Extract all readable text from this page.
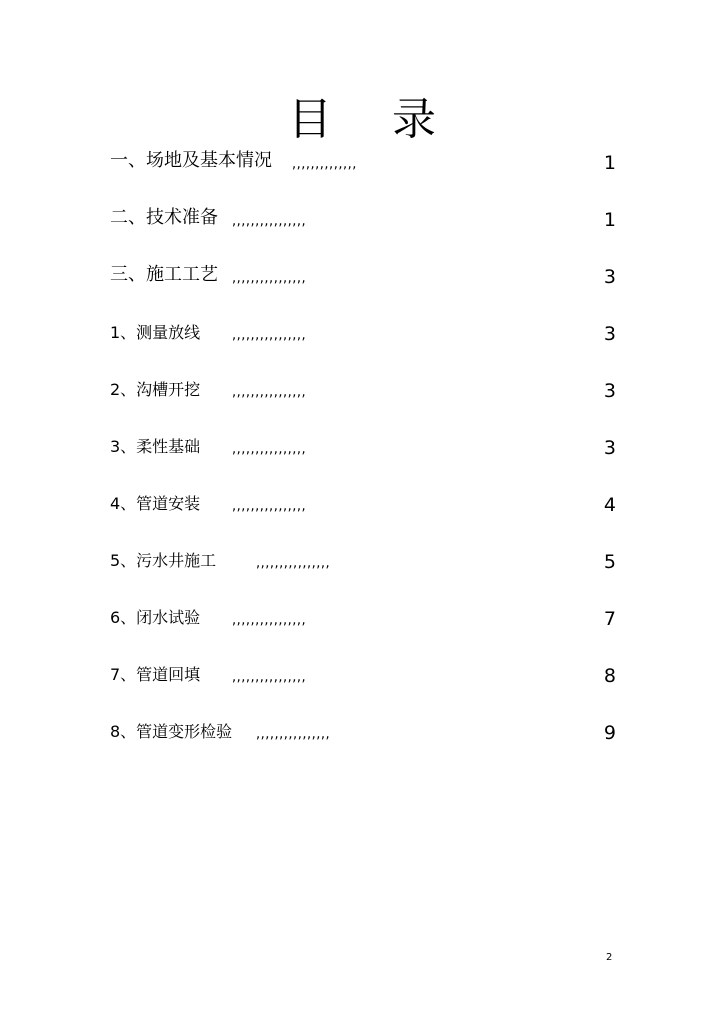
目 录
一、场地及基本情况 ,,,,,,,,,,,,,,	1
二、技术准备 ,,,,,,,,,,,,,,,,	1
三、施工工艺 ,,,,,,,,,,,,,,,,	3
1、测量放线 ,,,,,,,,,,,,,,,,	3
2、沟槽开挖 ,,,,,,,,,,,,,,,,	3
3、柔性基础 ,,,,,,,,,,,,,,,,	3
4、管道安装 ,,,,,,,,,,,,,,,,	4
5、污水井施工	,,,,,,,,,,,,,,,,	5
6、闭水试验 ,,,,,,,,,,,,,,,,	7
7、管道回填 ,,,,,,,,,,,,,,,,	8
8、管道变形检验 ,,,,,,,,,,,,,,,,	9
2
